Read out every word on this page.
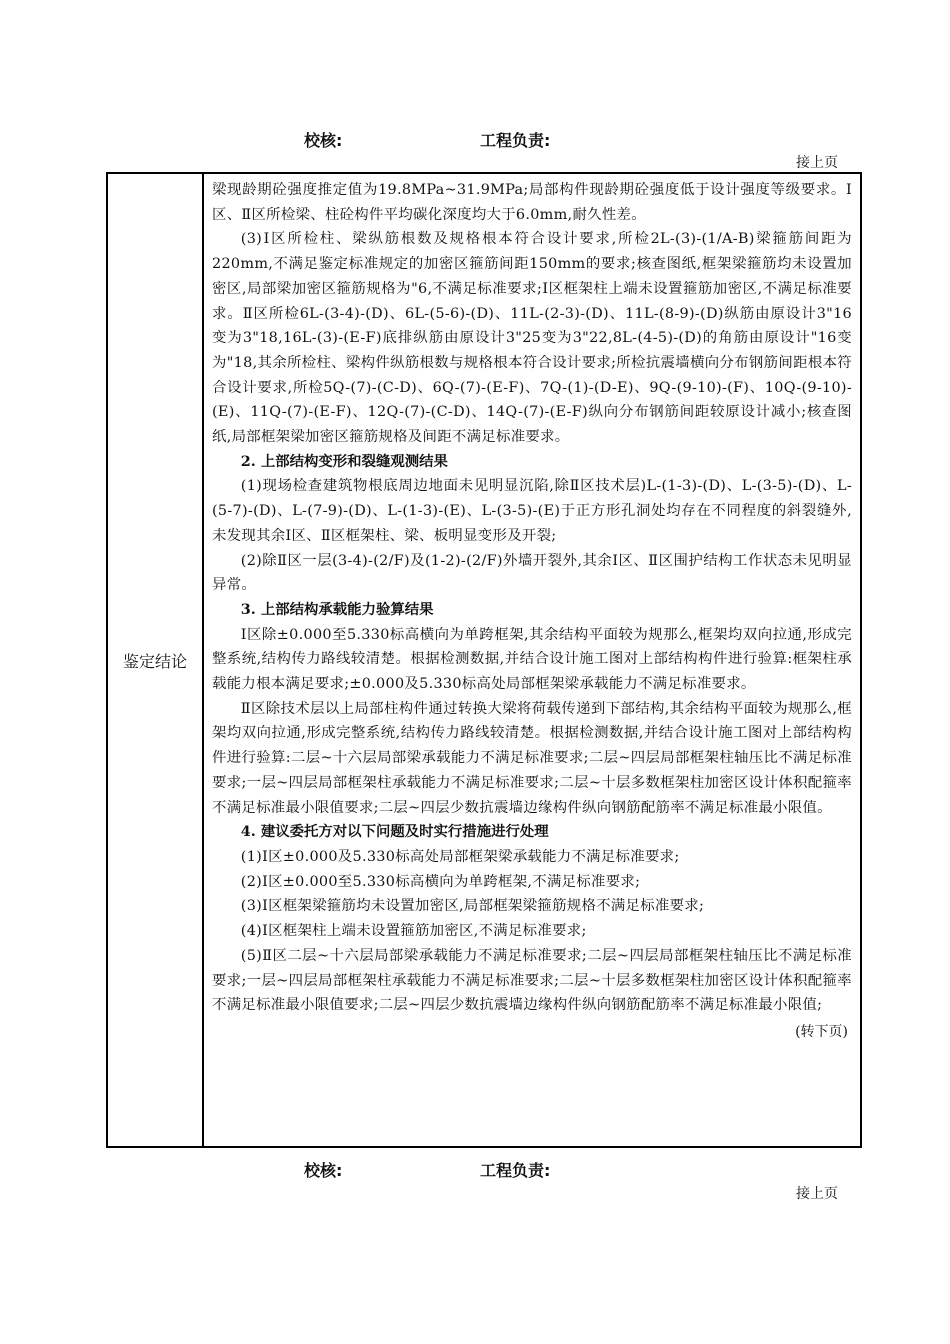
校核:	工程负责:
接上页
鉴定结论	

梁现龄期砼强度推定值为19.8MPa~31.9MPa;局部构件现龄期砼强度低于设计强度等级要求。Ⅰ区、Ⅱ区所检梁、柱砼构件平均碳化深度均大于6.0mm,耐久性差。

(3)Ⅰ区所检柱、梁纵筋根数及规格根本符合设计要求,所检2L-(3)-(1/A-B)梁箍筋间距为220mm,不满足鉴定标准规定的加密区箍筋间距150mm的要求;核查图纸,框架梁箍筋均未设置加密区,局部梁加密区箍筋规格为"6,不满足标准要求;Ⅰ区框架柱上端未设置箍筋加密区,不满足标准要求。Ⅱ区所检6L-(3-4)-(D)、6L-(5-6)-(D)、11L-(2-3)-(D)、11L-(8-9)-(D)纵筋由原设计3"16变为3"18,16L-(3)-(E-F)底排纵筋由原设计3"25变为3"22,8L-(4-5)-(D)的角筋由原设计"16变为"18,其余所检柱、梁构件纵筋根数与规格根本符合设计要求;所检抗震墙横向分布钢筋间距根本符合设计要求,所检5Q-(7)-(C-D)、6Q-(7)-(E-F)、7Q-(1)-(D-E)、9Q-(9-10)-(F)、10Q-(9-10)-(E)、11Q-(7)-(E-F)、12Q-(7)-(C-D)、14Q-(7)-(E-F)纵向分布钢筋间距较原设计减小;核查图纸,局部框架梁加密区箍筋规格及间距不满足标准要求。

2. 上部结构变形和裂缝观测结果

(1)现场检查建筑物根底周边地面未见明显沉陷,除Ⅱ区技术层)L-(1-3)-(D)、L-(3-5)-(D)、L-(5-7)-(D)、L-(7-9)-(D)、L-(1-3)-(E)、L-(3-5)-(E)于正方形孔洞处均存在不同程度的斜裂缝外,未发现其余Ⅰ区、Ⅱ区框架柱、梁、板明显变形及开裂;

(2)除Ⅱ区一层(3-4)-(2/F)及(1-2)-(2/F)外墙开裂外,其余Ⅰ区、Ⅱ区围护结构工作状态未见明显异常。

3. 上部结构承载能力验算结果

Ⅰ区除±0.000至5.330标高横向为单跨框架,其余结构平面较为规那么,框架均双向拉通,形成完整系统,结构传力路线较清楚。根据检测数据,并结合设计施工图对上部结构构件进行验算:框架柱承载能力根本满足要求;±0.000及5.330标高处局部框架梁承载能力不满足标准要求。

Ⅱ区除技术层以上局部柱构件通过转换大梁将荷载传递到下部结构,其余结构平面较为规那么,框架均双向拉通,形成完整系统,结构传力路线较清楚。根据检测数据,并结合设计施工图对上部结构构件进行验算:二层~十六层局部梁承载能力不满足标准要求;二层~四层局部框架柱轴压比不满足标准要求;一层~四层局部框架柱承载能力不满足标准要求;二层~十层多数框架柱加密区设计体积配箍率不满足标准最小限值要求;二层~四层少数抗震墙边缘构件纵向钢筋配筋率不满足标准最小限值。

4. 建议委托方对以下问题及时实行措施进行处理

(1)Ⅰ区±0.000及5.330标高处局部框架梁承载能力不满足标准要求;

(2)Ⅰ区±0.000至5.330标高横向为单跨框架,不满足标准要求;

(3)Ⅰ区框架梁箍筋均未设置加密区,局部框架梁箍筋规格不满足标准要求;

(4)Ⅰ区框架柱上端未设置箍筋加密区,不满足标准要求;

(5)Ⅱ区二层~十六层局部梁承载能力不满足标准要求;二层~四层局部框架柱轴压比不满足标准要求;一层~四层局部框架柱承载能力不满足标准要求;二层~十层多数框架柱加密区设计体积配箍率不满足标准最小限值要求;二层~四层少数抗震墙边缘构件纵向钢筋配筋率不满足标准最小限值;

(转下页)
校核:	工程负责:
接上页
